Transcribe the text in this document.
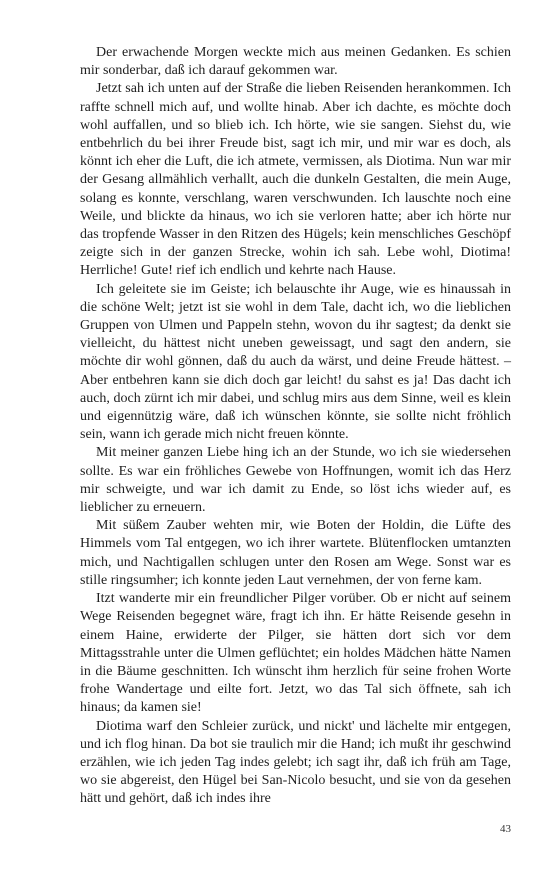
Der erwachende Morgen weckte mich aus meinen Gedanken. Es schien mir sonderbar, daß ich darauf gekommen war.

Jetzt sah ich unten auf der Straße die lieben Reisenden herankommen. Ich raffte schnell mich auf, und wollte hinab. Aber ich dachte, es möchte doch wohl auffallen, und so blieb ich. Ich hörte, wie sie sangen. Siehst du, wie entbehrlich du bei ihrer Freude bist, sagt ich mir, und mir war es doch, als könnt ich eher die Luft, die ich atmete, vermissen, als Diotima. Nun war mir der Gesang allmählich verhallt, auch die dunkeln Gestalten, die mein Auge, solang es konnte, verschlang, waren verschwunden. Ich lauschte noch eine Weile, und blickte da hinaus, wo ich sie verloren hatte; aber ich hörte nur das tropfende Wasser in den Ritzen des Hügels; kein menschliches Geschöpf zeigte sich in der ganzen Strecke, wohin ich sah. Lebe wohl, Diotima! Herrliche! Gute! rief ich endlich und kehrte nach Hause.

Ich geleitete sie im Geiste; ich belauschte ihr Auge, wie es hinaussah in die schöne Welt; jetzt ist sie wohl in dem Tale, dacht ich, wo die lieblichen Gruppen von Ulmen und Pappeln stehn, wovon du ihr sagtest; da denkt sie vielleicht, du hättest nicht uneben geweissagt, und sagt den andern, sie möchte dir wohl gönnen, daß du auch da wärst, und deine Freude hättest. – Aber entbehren kann sie dich doch gar leicht! du sahst es ja! Das dacht ich auch, doch zürnt ich mir dabei, und schlug mirs aus dem Sinne, weil es klein und eigennützig wäre, daß ich wünschen könnte, sie sollte nicht fröhlich sein, wann ich gerade mich nicht freuen könnte.

Mit meiner ganzen Liebe hing ich an der Stunde, wo ich sie wiedersehen sollte. Es war ein fröhliches Gewebe von Hoffnungen, womit ich das Herz mir schweigte, und war ich damit zu Ende, so löst ichs wieder auf, es lieblicher zu erneuern.

Mit süßem Zauber wehten mir, wie Boten der Holdin, die Lüfte des Himmels vom Tal entgegen, wo ich ihrer wartete. Blütenflocken umtanzten mich, und Nachtigallen schlugen unter den Rosen am Wege. Sonst war es stille ringsumher; ich konnte jeden Laut vernehmen, der von ferne kam.

Itzt wanderte mir ein freundlicher Pilger vorüber. Ob er nicht auf seinem Wege Reisenden begegnet wäre, fragt ich ihn. Er hätte Reisende gesehn in einem Haine, erwiderte der Pilger, sie hätten dort sich vor dem Mittagsstrahle unter die Ulmen geflüchtet; ein holdes Mädchen hätte Namen in die Bäume geschnitten. Ich wünscht ihm herzlich für seine frohen Worte frohe Wandertage und eilte fort. Jetzt, wo das Tal sich öffnete, sah ich hinaus; da kamen sie!

Diotima warf den Schleier zurück, und nickt' und lächelte mir entgegen, und ich flog hinan. Da bot sie traulich mir die Hand; ich mußt ihr geschwind erzählen, wie ich jeden Tag indes gelebt; ich sagt ihr, daß ich früh am Tage, wo sie abgereist, den Hügel bei San-Nicolo besucht, und sie von da gesehen hätt und gehört, daß ich indes ihre

43
